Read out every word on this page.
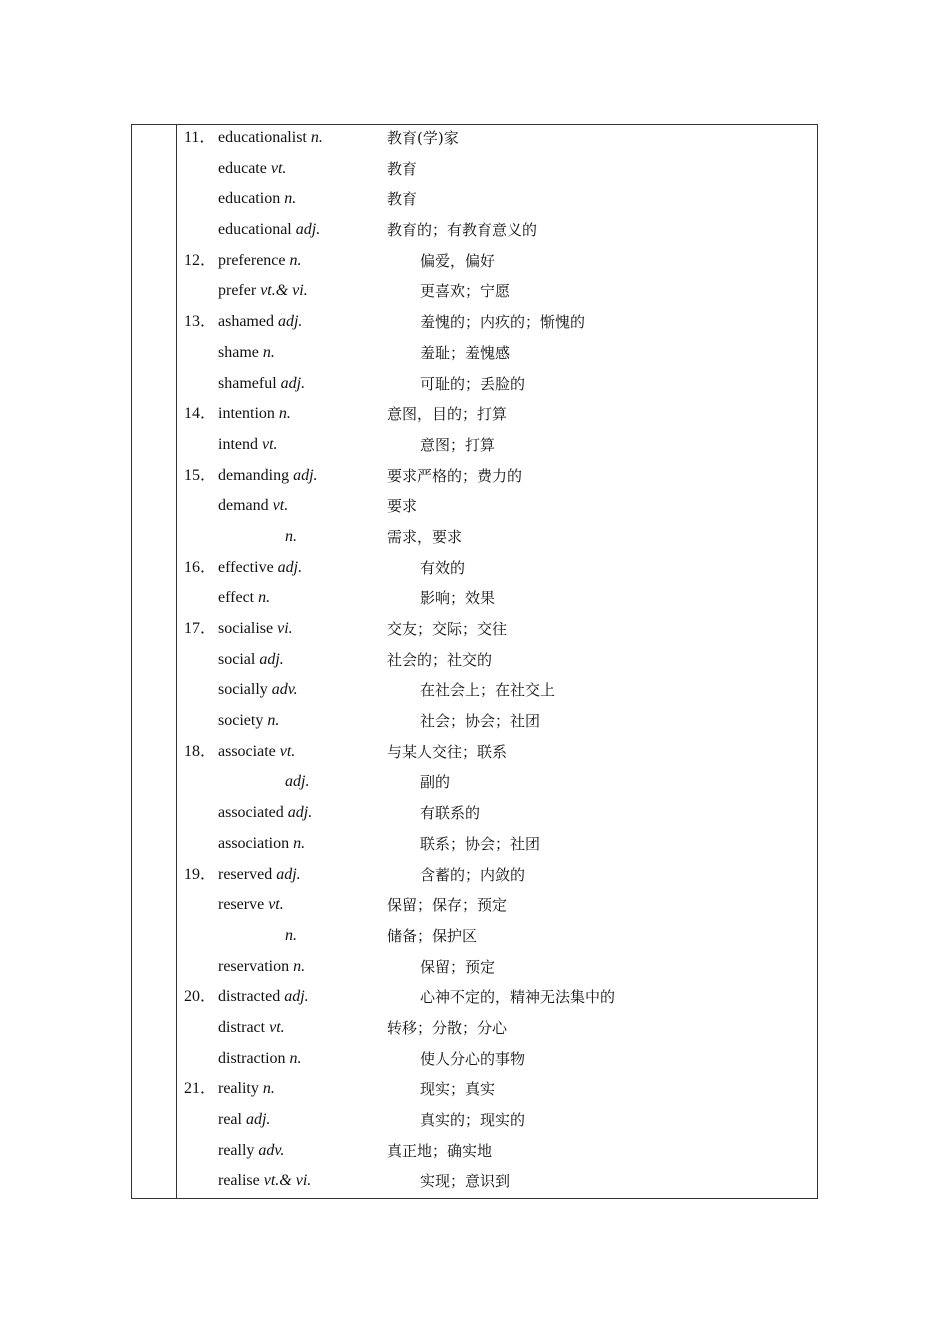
11． educationalist n.	教育(学)家
educate vt.	教育
education n.	教育
educational adj.	教育的；有教育意义的
12． preference n.	偏爱，偏好
prefer vt.& vi.	更喜欢；宁愿
13． ashamed adj.	羞愧的；内疚的；惭愧的
shame n.	羞耻；羞愧感
shameful adj.	可耻的；丢脸的
14． intention n.	意图，目的；打算
intend vt.	意图；打算
15． demanding adj.	要求严格的；费力的
demand vt.	要求
n.	需求，要求
16． effective adj.	有效的
effect n.	影响；效果
17． socialise vi.	交友；交际；交往
social adj.	社会的；社交的
socially adv.	在社会上；在社交上
society n.	社会；协会；社团
18． associate vt.	与某人交往；联系
adj.	副的
associated adj.	有联系的
association n.	联系；协会；社团
19． reserved adj.	含蓄的；内敛的
reserve vt.	保留；保存；预定
n.	储备；保护区
reservation n.	保留；预定
20． distracted adj.	心神不定的，精神无法集中的
distract vt.	转移；分散；分心
distraction n.	使人分心的事物
21． reality n.	现实；真实
real adj.	真实的；现实的
really adv.	真正地；确实地
realise vt.& vi.	实现；意识到
